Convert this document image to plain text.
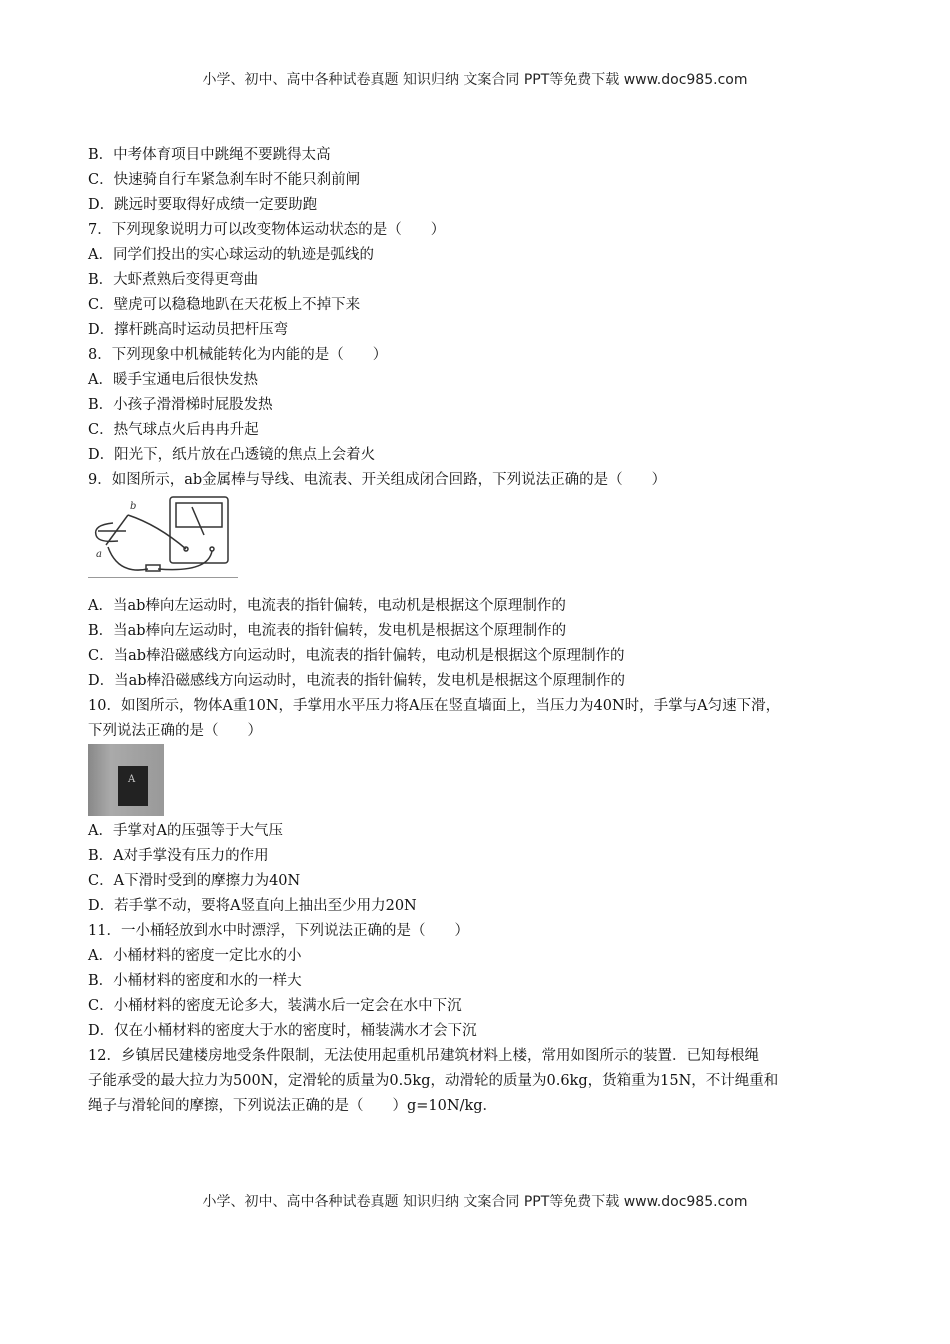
小学、初中、高中各种试卷真题 知识归纳 文案合同 PPT等免费下载 www.doc985.com
B．中考体育项目中跳绳不要跳得太高
C．快速骑自行车紧急刹车时不能只刹前闸
D．跳远时要取得好成绩一定要助跑
7．下列现象说明力可以改变物体运动状态的是（　　）
A．同学们投出的实心球运动的轨迹是弧线的
B．大虾煮熟后变得更弯曲
C．壁虎可以稳稳地趴在天花板上不掉下来
D．撑杆跳高时运动员把杆压弯
8．下列现象中机械能转化为内能的是（　　）
A．暖手宝通电后很快发热
B．小孩子滑滑梯时屁股发热
C．热气球点火后冉冉升起
D．阳光下，纸片放在凸透镜的焦点上会着火
9．如图所示，ab金属棒与导线、电流表、开关组成闭合回路，下列说法正确的是（　　）
b
a
A．当ab棒向左运动时，电流表的指针偏转，电动机是根据这个原理制作的
B．当ab棒向左运动时，电流表的指针偏转，发电机是根据这个原理制作的
C．当ab棒沿磁感线方向运动时，电流表的指针偏转，电动机是根据这个原理制作的
D．当ab棒沿磁感线方向运动时，电流表的指针偏转，发电机是根据这个原理制作的
10．如图所示，物体A重10N，手掌用水平压力将A压在竖直墙面上，当压力为40N时，手掌与A匀速下滑，
下列说法正确的是（　　）
A
A．手掌对A的压强等于大气压
B．A对手掌没有压力的作用
C．A下滑时受到的摩擦力为40N
D．若手掌不动，要将A竖直向上抽出至少用力20N
11．一小桶轻放到水中时漂浮，下列说法正确的是（　　）
A．小桶材料的密度一定比水的小
B．小桶材料的密度和水的一样大
C．小桶材料的密度无论多大，装满水后一定会在水中下沉
D．仅在小桶材料的密度大于水的密度时，桶装满水才会下沉
12．乡镇居民建楼房地受条件限制，无法使用起重机吊建筑材料上楼，常用如图所示的装置．已知每根绳
子能承受的最大拉力为500N，定滑轮的质量为0.5kg，动滑轮的质量为0.6kg，货箱重为15N，不计绳重和
绳子与滑轮间的摩擦，下列说法正确的是（　　）g=10N/kg．
小学、初中、高中各种试卷真题 知识归纳 文案合同 PPT等免费下载 www.doc985.com
